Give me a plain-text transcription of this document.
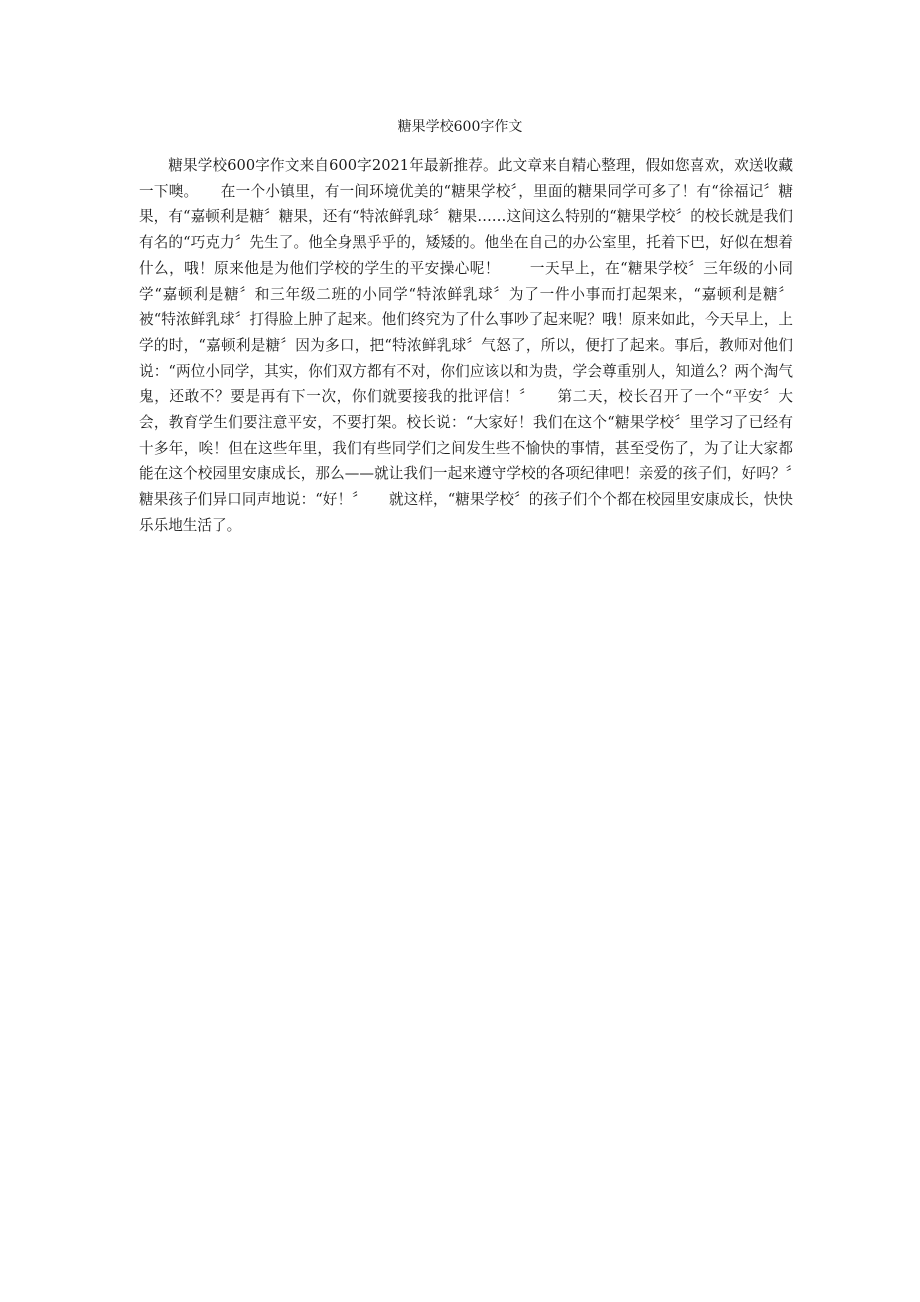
糖果学校600字作文

糖果学校600字作文来自600字2021年最新推荐。此文章来自精心整理，假如您喜欢，欢送收藏一下噢。　　在一个小镇里，有一间环境优美的“糖果学校〞，里面的糖果同学可多了！有“徐福记〞糖果，有“嘉顿利是糖〞糖果，还有“特浓鲜乳球〞糖果……这间这么特别的“糖果学校〞的校长就是我们有名的“巧克力〞先生了。他全身黑乎乎的，矮矮的。他坐在自己的办公室里，托着下巴，好似在想着什么，哦！原来他是为他们学校的学生的平安操心呢！　　一天早上，在“糖果学校〞三年级的小同学“嘉顿利是糖〞和三年级二班的小同学“特浓鲜乳球〞为了一件小事而打起架来，“嘉顿利是糖〞被“特浓鲜乳球〞打得脸上肿了起来。他们终究为了什么事吵了起来呢？哦！原来如此，今天早上，上学的时，“嘉顿利是糖〞因为多口，把“特浓鲜乳球〞气怒了，所以，便打了起来。事后，教师对他们说：“两位小同学，其实，你们双方都有不对，你们应该以和为贵，学会尊重别人，知道么？两个淘气鬼，还敢不？要是再有下一次，你们就要接我的批评信！〞　　第二天，校长召开了一个“平安〞大会，教育学生们要注意平安，不要打架。校长说：“大家好！我们在这个“糖果学校〞里学习了已经有十多年，唉！但在这些年里，我们有些同学们之间发生些不愉快的事情，甚至受伤了，为了让大家都能在这个校园里安康成长，那么——就让我们一起来遵守学校的各项纪律吧！亲爱的孩子们，好吗？〞糖果孩子们异口同声地说：“好！〞　　就这样，“糖果学校〞的孩子们个个都在校园里安康成长，快快乐乐地生活了。
